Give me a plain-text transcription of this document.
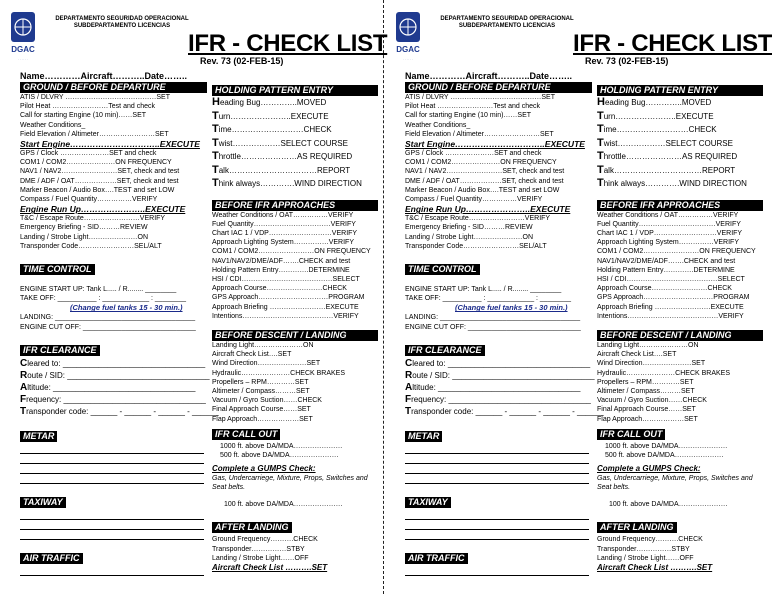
DGAC
· · · · · ·
DEPARTAMENTO SEGURIDAD OPERACIONAL
SUBDEPARTAMENTO LICENCIAS
IFR - CHECK LIST
Rev. 73 (02-FEB-15)
Name…………Aircraft………..Date……..
GROUND / BEFORE DEPARTURE
ATIS / DLVRY …………………………………SET
Pilot Heat ……………………Test and check
Call for starting Engine (10 min)……SET
Weather Conditions_
Field Elevation / Altimeter……………………SET
Start Engine…………………………..EXECUTE
GPS / Clock …………………SET and check
COM1 / COM2…………………ON FREQUENCY
NAV1 / NAV2……………………SET, check and test
DME / ADF / OAT………………SET, check and test
Marker Beacon / Audio Box….TEST and set LOW
Compass / Fuel Quantity……………VERIFY
Engine Run Up…………………..EXECUTE
T&C / Escape Route……………………VERIFY
Emergency Briefing - SID………REVIEW
Landing / Strobe Light…………………ON
Transponder Code……………………SEL/ALT
TIME CONTROL
ENGINE START UP: Tank L..... / R........ ________
TAKE OFF: __________ : ____________ : ________
(Change fuel tanks 15 - 30 min.)
LANDING: ____________________________________
ENGINE CUT OFF: _____________________________
IFR CLEARANCE
Cleared to: ________________________________
Route / SID: ________________________________
Altitude: ________________________________
Frequency: ________________________________
Transponder code: ______ - ______ - ______ - ______
METAR
TAXIWAY
AIR TRAFFIC
HOLDING PATTERN ENTRY
Heading Bug…………..MOVED
Turn…………………..EXECUTE
Time………………………CHECK
Twist………………SELECT COURSE
Throttle…………………AS REQUIRED
Talk……………………………REPORT
Think always………….WIND DIRECTION
BEFORE IFR APPROACHES
Weather Conditions / OAT……………VERIFY
Fuel Quantity……………………………VERIFY
Chart IAC 1 / VDP………………………VERIFY
Approach Lighting System……………VERIFY
COM1 / COM2……………………ON FREQUENCY
NAV1/NAV2/DME/ADF…….CHECK and test
Holding Pattern Entry………….DETERMINE
HSI / CDI…………………………………SELECT
Approach Course……………………CHECK
GPS Approach…………………………PROGRAM
Approach Briefing ……………………EXECUTE
Intentions…………………………………VERIFY
BEFORE DESCENT / LANDING
Landing Light…………………ON
Aircraft Check List….SET
Wind Direction…………………SET
Hydraulic…………………CHECK BRAKES
Propellers – RPM…………SET
Altimeter / Compass………SET
Vacuum / Gyro Suction……CHECK
Final Approach Course……SET
Flap Approach………………SET
IFR CALL OUT
1000 ft. above DA/MDA…………………
500 ft. above DA/MDA…………………
Complete a GUMPS Check:
Gas, Undercarriege, Mixture, Props, Switches and Seat belts.
100 ft. above DA/MDA…………………
AFTER LANDING
Ground Frequency……….CHECK
Transponder……………STBY
Landing / Strobe Light……OFF
Aircraft Check List ……….SET
DGAC
· · · · · ·
DEPARTAMENTO SEGURIDAD OPERACIONAL
SUBDEPARTAMENTO LICENCIAS
IFR - CHECK LIST
Rev. 73 (02-FEB-15)
Name…………Aircraft………..Date……..
GROUND / BEFORE DEPARTURE
ATIS / DLVRY …………………………………SET
Pilot Heat ……………………Test and check
Call for starting Engine (10 min)……SET
Weather Conditions_
Field Elevation / Altimeter……………………SET
Start Engine…………………………..EXECUTE
GPS / Clock …………………SET and check
COM1 / COM2…………………ON FREQUENCY
NAV1 / NAV2……………………SET, check and test
DME / ADF / OAT………………SET, check and test
Marker Beacon / Audio Box….TEST and set LOW
Compass / Fuel Quantity……………VERIFY
Engine Run Up…………………..EXECUTE
T&C / Escape Route……………………VERIFY
Emergency Briefing - SID………REVIEW
Landing / Strobe Light…………………ON
Transponder Code……………………SEL/ALT
TIME CONTROL
ENGINE START UP: Tank L..... / R........ ________
TAKE OFF: __________ : ____________ : ________
(Change fuel tanks 15 - 30 min.)
LANDING: ____________________________________
ENGINE CUT OFF: _____________________________
IFR CLEARANCE
Cleared to: ________________________________
Route / SID: ________________________________
Altitude: ________________________________
Frequency: ________________________________
Transponder code: ______ - ______ - ______ - ______
METAR
TAXIWAY
AIR TRAFFIC
HOLDING PATTERN ENTRY
Heading Bug…………..MOVED
Turn…………………..EXECUTE
Time………………………CHECK
Twist………………SELECT COURSE
Throttle…………………AS REQUIRED
Talk……………………………REPORT
Think always………….WIND DIRECTION
BEFORE IFR APPROACHES
Weather Conditions / OAT……………VERIFY
Fuel Quantity……………………………VERIFY
Chart IAC 1 / VDP………………………VERIFY
Approach Lighting System……………VERIFY
COM1 / COM2……………………ON FREQUENCY
NAV1/NAV2/DME/ADF…….CHECK and test
Holding Pattern Entry………….DETERMINE
HSI / CDI…………………………………SELECT
Approach Course……………………CHECK
GPS Approach…………………………PROGRAM
Approach Briefing ……………………EXECUTE
Intentions…………………………………VERIFY
BEFORE DESCENT / LANDING
Landing Light…………………ON
Aircraft Check List….SET
Wind Direction…………………SET
Hydraulic…………………CHECK BRAKES
Propellers – RPM…………SET
Altimeter / Compass………SET
Vacuum / Gyro Suction……CHECK
Final Approach Course……SET
Flap Approach………………SET
IFR CALL OUT
1000 ft. above DA/MDA…………………
500 ft. above DA/MDA…………………
Complete a GUMPS Check:
Gas, Undercarriege, Mixture, Props, Switches and Seat belts.
100 ft. above DA/MDA…………………
AFTER LANDING
Ground Frequency……….CHECK
Transponder……………STBY
Landing / Strobe Light……OFF
Aircraft Check List ……….SET
